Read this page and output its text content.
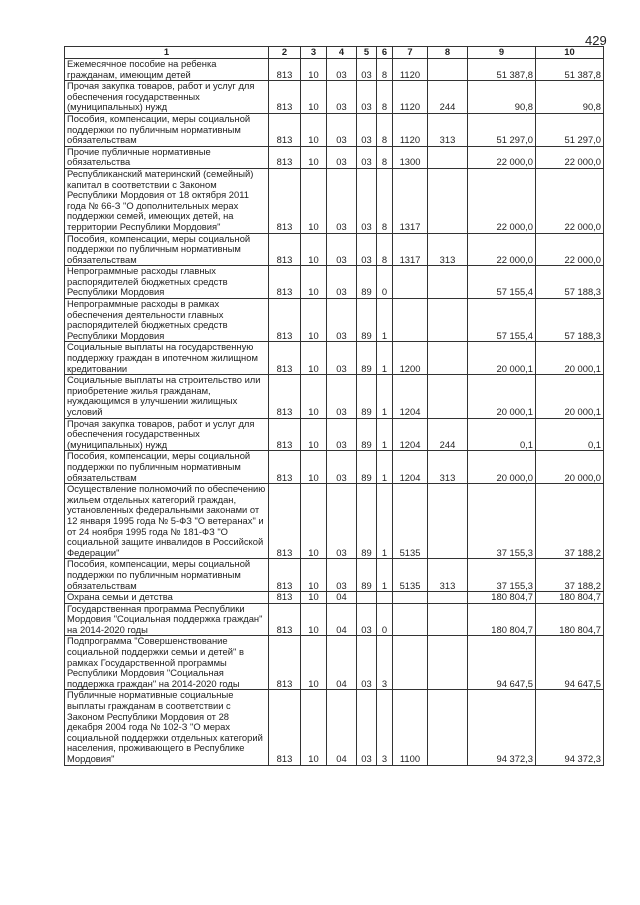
429
1	2	3	4	5	6	7	8	9	10
Ежемесячное пособие на ребенка гражданам, имеющим детей	813	10	03	03	8	1120		51 387,8	51 387,8
Прочая закупка товаров, работ и услуг для обеспечения государственных (муниципальных) нужд	813	10	03	03	8	1120	244	90,8	90,8
Пособия, компенсации, меры социальной поддержки по публичным нормативным обязательствам	813	10	03	03	8	1120	313	51 297,0	51 297,0
Прочие публичные нормативные обязательства	813	10	03	03	8	1300		22 000,0	22 000,0
Республиканский материнский (семейный) капитал в соответствии с Законом Республики Мордовия от 18 октября 2011 года № 66-З "О дополнительных мерах поддержки семей, имеющих детей, на территории Республики Мордовия"	813	10	03	03	8	1317		22 000,0	22 000,0
Пособия, компенсации, меры социальной поддержки по публичным нормативным обязательствам	813	10	03	03	8	1317	313	22 000,0	22 000,0
Непрограммные расходы главных распорядителей бюджетных средств Республики Мордовия	813	10	03	89	0			57 155,4	57 188,3
Непрограммные расходы в рамках обеспечения деятельности главных распорядителей бюджетных средств Республики Мордовия	813	10	03	89	1			57 155,4	57 188,3
Социальные выплаты на государственную поддержку граждан в ипотечном жилищном кредитовании	813	10	03	89	1	1200		20 000,1	20 000,1
Социальные выплаты на строительство или приобретение жилья гражданам, нуждающимся в улучшении жилищных условий	813	10	03	89	1	1204		20 000,1	20 000,1
Прочая закупка товаров, работ и услуг для обеспечения государственных (муниципальных) нужд	813	10	03	89	1	1204	244	0,1	0,1
Пособия, компенсации, меры социальной поддержки по публичным нормативным обязательствам	813	10	03	89	1	1204	313	20 000,0	20 000,0
Осуществление полномочий по обеспечению жильем отдельных категорий граждан, установленных федеральными законами от 12 января 1995 года № 5-ФЗ "О ветеранах" и от 24 ноября 1995 года № 181-ФЗ "О социальной защите инвалидов в Российской Федерации"	813	10	03	89	1	5135		37 155,3	37 188,2
Пособия, компенсации, меры социальной поддержки по публичным нормативным обязательствам	813	10	03	89	1	5135	313	37 155,3	37 188,2
Охрана семьи и детства	813	10	04					180 804,7	180 804,7
Государственная программа Республики Мордовия "Социальная поддержка граждан" на 2014-2020 годы	813	10	04	03	0			180 804,7	180 804,7
Подпрограмма "Совершенствование социальной поддержки семьи и детей" в рамках Государственной программы Республики Мордовия "Социальная поддержка граждан" на 2014-2020 годы	813	10	04	03	3			94 647,5	94 647,5
Публичные нормативные социальные выплаты гражданам в соответствии с Законом Республики Мордовия от 28 декабря 2004 года № 102-З "О мерах социальной поддержки отдельных категорий населения, проживающего в Республике Мордовия"	813	10	04	03	3	1100		94 372,3	94 372,3
